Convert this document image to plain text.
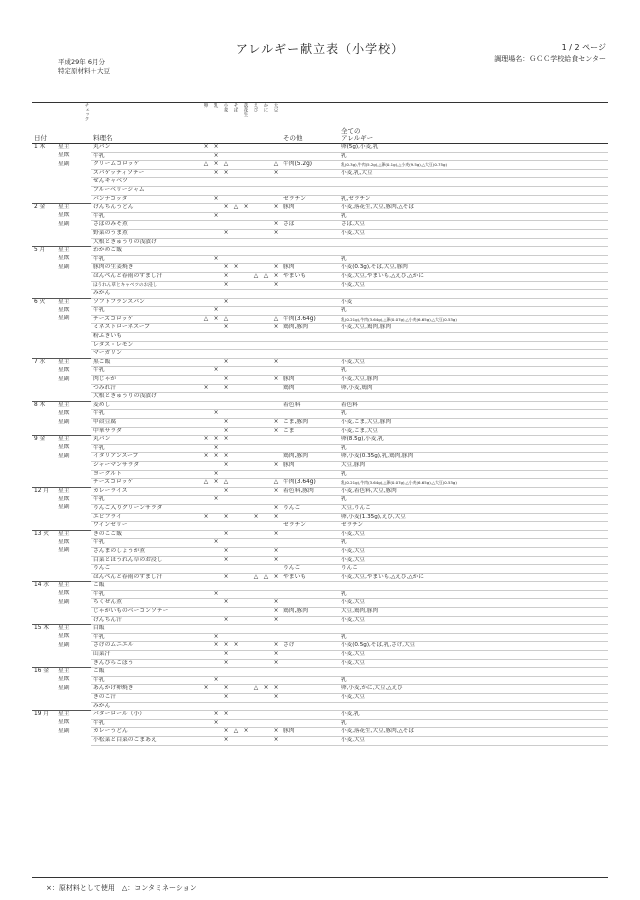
アレルギー献立表（小学校）	1 / 2 ページ
調理場名：ＧＣＣ学校給食センター
平成29年 6月分
特定原材料＋大豆
日付		チェック	料理名	卵	乳	小麦	そば	落花生	えび	かに	大豆	その他	全ての
アレルギー

1 木	星主		丸パン	×	×								卵(5g),小麦,乳
	星飲		牛乳		×								乳
	星副		クリームコロッケ	△	×	△					△	牛肉(5.2g)	乳(0.3g),牛肉(5.2g),△卵(0.1g),△小麦(9.5g),△大豆(0.75g)
			スパゲッティソテー		×	×					×		小麦,乳,大豆
			せんキャベツ										
			ブルーベリージャム										
			パンナコッタ		×							ゼラチン	乳,ゼラチン
2 金	星主		けんちんうどん			×	△	×			×	豚肉	小麦,落花生,大豆,豚肉,△そば
	星飲		牛乳		×								乳
	星副		さばのみそ煮								×	さば	さば,大豆
			野菜のうま煮			×					×		小麦,大豆
			大根ときゅうりの浅漬け										
5 月	星主		わかめご飯										
	星飲		牛乳		×								乳
	星副		豚肉の生姜焼き			×	×				×	豚肉	小麦(0.3g),そば,大豆,豚肉
			はんぺんと春雨のすまし汁			×			△	△	×	やまいも	小麦,大豆,やまいも,△えび,△かに
			ほうれん草とキャベツのお浸し			×					×		小麦,大豆
			みかん										
6 火	星主		ソフトフランスパン			×							小麦
	星飲		牛乳		×								乳
	星副		チーズコロッケ	△	×	△					△	牛肉(3.64g)	乳(0.21g),牛肉(3.64g),△卵(0.07g),△小麦(6.65g),△大豆(0.53g)
			ミネストローネスープ			×					×	鶏肉,豚肉	小麦,大豆,鶏肉,豚肉
			粉ふきいも										
			レタス・レモン										
			マーガリン										
7 水	星主		黒ご飯			×					×		小麦,大豆
	星飲		牛乳		×								乳
	星副		肉じゃが			×					×	豚肉	小麦,大豆,豚肉
			つみれ汁	×		×						鶏肉	卵,小麦,鶏肉
			大根ときゅうりの浅漬け										
8 木	星主		麦めし									着色料	着色料
	星飲		牛乳		×								乳
	星副		甲殻豆腐			×					×	ごま,豚肉	小麦,ごま,大豆,豚肉
			中華サラダ			×					×	ごま	小麦,ごま,大豆
9 金	星主		丸パン	×	×	×							卵(8.5g),小麦,乳
	星飲		牛乳		×								乳
	星副		イタリアンスープ	×	×	×						鶏肉,豚肉	卵,小麦(0.35g),乳,鶏肉,豚肉
			ジャーマンサラダ			×					×	豚肉	大豆,豚肉
			ヨーグルト		×								乳
			チーズコロッケ	△	×	△					△	牛肉(3.64g)	乳(0.21g),牛肉(3.64g),△卵(0.07g),△小麦(6.65g),△大豆(0.53g)
12 月	星主		カレーライス			×					×	着色料,豚肉	小麦,着色料,大豆,豚肉
	星飲		牛乳		×								乳
	星副		りんご入りグリーンサラダ								×	りんご	大豆,りんご
			エビフライ	×		×			×		×		卵,小麦(1.35g),えび,大豆
			ワインゼリー									ゼラチン	ゼラチン
13 火	星主		きのこご飯			×					×		小麦,大豆
	星飲		牛乳		×								乳
	星副		さんまのしょうが煮			×					×		小麦,大豆
			白菜とほうれん草のお浸し			×					×		小麦,大豆
			りんご									りんご	りんご
			はんぺんと春雨のすまし汁			×			△	△	×	やまいも	小麦,大豆,やまいも,△えび,△かに
14 水	星主		ご飯										
	星飲		牛乳		×								乳
	星副		ちくぜん煮			×					×		小麦,大豆
			じゃがいものベーコンソテー								×	鶏肉,豚肉	大豆,鶏肉,豚肉
			けんちん汁			×					×		小麦,大豆
15 木	星主		白飯										
	星飲		牛乳		×								乳
	星副		さけのムニエル		×	×	×				×	さけ	小麦(0.5g),そば,乳,さけ,大豆
			山菜汁			×					×		小麦,大豆
			きんぴらごぼう			×					×		小麦,大豆
16 金	星主		ご飯										
	星飲		牛乳		×								乳
	星副		あんかけ卵焼き	×		×			△	×	×		卵,小麦,かに,大豆,△えび
			きのこ汁			×					×		小麦,大豆
			みかん										
19 月	星主		バターロール（小）		×	×							小麦,乳
	星飲		牛乳		×								乳
	星副		カレーうどん			×	△	×			×	豚肉	小麦,落花生,大豆,豚肉,△そば
			小松菜と白菜のごまあえ			×					×		小麦,大豆
×：原材料として使用　△：コンタミネーション
